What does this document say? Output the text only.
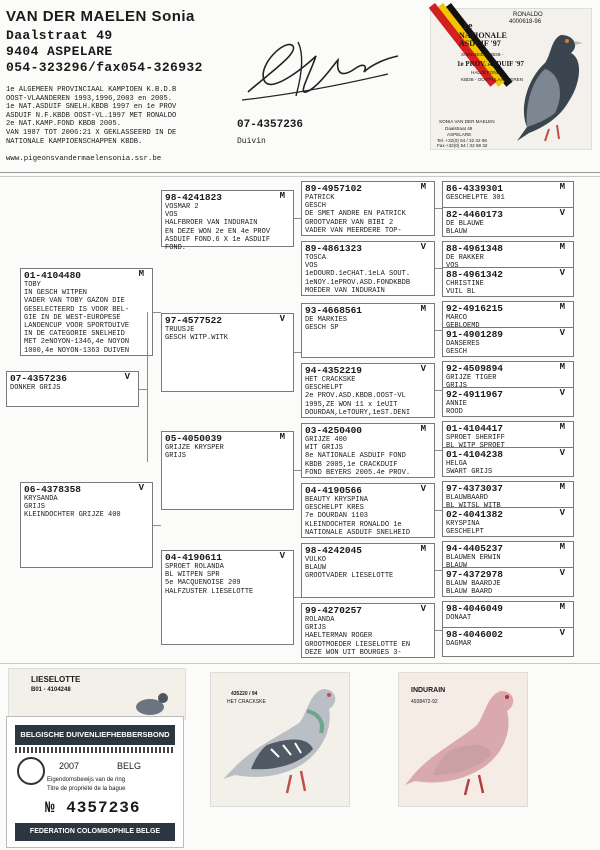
VAN DER MAELEN Sonia
Daalstraat 49
9404 ASPELARE
054-323296/fax054-326932
1e ALGEMEEN PROVINCIAAL KAMPIOEN K.B.D.B
OOST-VLAANDEREN 1993,1996,2003 en 2005.
1e NAT.ASDUIF SNELH.KBDB 1997 en 1e PROV
ASDUIF N.F.KBDB OOST-VL.1997 MET RONALDO
2e NAT.KAMP.FOND KBDB 2005.
VAN 1987 TOT 2006:21 X GEKLASSEERD IN DE
NATIONALE KAMPIOENSCHAPPEN KBDB.
www.pigeonsvandermaelensonia.ssr.be
07-4357236
Duivin
RONALDO
4000618-96
1e
NATIONALE
ASDUIF '97
SNELHEID - KBDB -
1e PROV. ASDUIF '97
HALVE FOND
KBDB - OOST-VLAANDEREN
SONIA VAN DER MAELEN
Daalstraat 49
ASPELARE
Tel. +32(0) 54 / 32 32 96
Fax +32(0) 54 / 32 69 32
07-4357236	V
DONKER GRIJS
01-4104480	M
TOBY
IN GESCH WITPEN
VADER VAN TOBY GAZON DIE
GESELECTEERD IS VOOR BEL-
GIE IN DE WEST-EUROPESE
LANDENCUP VOOR SPORTDUIVE
IN DE CATEGORIE SNELHEID
MET 2eNOYON-1346,4e NOYON
1000,4e NOYON-1363 DUIVEN
06-4378358	V
KRYSANDA
GRIJS
KLEINDOCHTER GRIJZE 400
98-4241823	M
VOSMAR 2
VOS
HALFBROER VAN INDURAIN
EN DEZE WON 2e EN 4e PROV
ASDUIF FOND.6 X 1e ASDUIF
FOND.
97-4577522	V
TRUUSJE
GESCH WITP.WITK
05-4050039	M
GRIJZE KRYSPER
GRIJS
04-4190611	V
SPROET ROLANDA
BL WITPEN SPR
5e MACQUENOISE 209
HALFZUSTER LIESELOTTE
89-4957102	M
PATRICK
GESCH
DE SMET ANDRE EN PATRICK
GROOTVADER VAN BIBI 2
VADER VAN MEERDERE TOP-
89-4861323	V
TOSCA
VOS
1eDOURD.1eCHAT.1eLA SOUT.
1eNOY.1ePROV.ASD.FONDKBDB
MOEDER VAN INDURAIN
93-4668561	M
DE MARKIES
GESCH SP
94-4352219	V
HET CRACKSKE
GESCHELPT
2e PROV.ASD.KBDB.OOST-VL
1995,ZE WON 11 x 1eUIT
DOURDAN,LeTOURY,1eST.DENI
03-4250400	M
GRIJZE 400
WIT GRIJS
8e NATIONALE ASDUIF FOND
KBDB 2005,1e CRACKDUIF
FOND BEYERS 2005.4e PROV.
04-4190566	V
BEAUTY KRYSPINA
GESCHELPT KRES
7e DOURDAN 1103
KLEINDOCHTER RONALDO 1e
NATIONALE ASDUIF SNELHEID
98-4242045	M
VULKO
BLAUW
GROOTVADER LIESELOTTE
99-4270257	V
ROLANDA
GRIJS
HAELTERMAN ROGER
GROOTMOEDER LIESELOTTE EN
DEZE WON UIT BOURGES 3-
86-4339301	M
GESCHELPTE 301
82-4460173	V
DE BLAUWE
BLAUW
88-4961348	M
DE RAKKER
88-4961342	V
CHRISTINE
VUIL BL
92-4916215	M
MARCO
91-4901289	V
DANSERES
GESCH
92-4509894	M
GRIJZE TIGER
92-4911967	V
ANNIE
ROOD
01-4104417	M
SPROET SHERIFF
01-4104238	V
HELGA
SWART GRIJS
97-4373037	M
BLAUWBAARD
02-4041382	V
KRYSPINA
GESCHELPT
94-4405237	M
BLAUWEN ERWIN
97-4372978	V
BLAUW BAARDJE
BLAUW BAARD
98-4046049	M
DONAAT
98-4046002	V
DAGMAR
LIESELOTTE
B01 - 4104248
BELGISCHE DUIVENLIEFHEBBERSBOND
2007	BELG
Eigendomsbewijs van de ring
Titre de propriété de la bague
№ 4357236
FEDERATION COLOMBOPHILE BELGE
435220 / 94
HET CRACKSKE
INDURAIN
4938472-92
